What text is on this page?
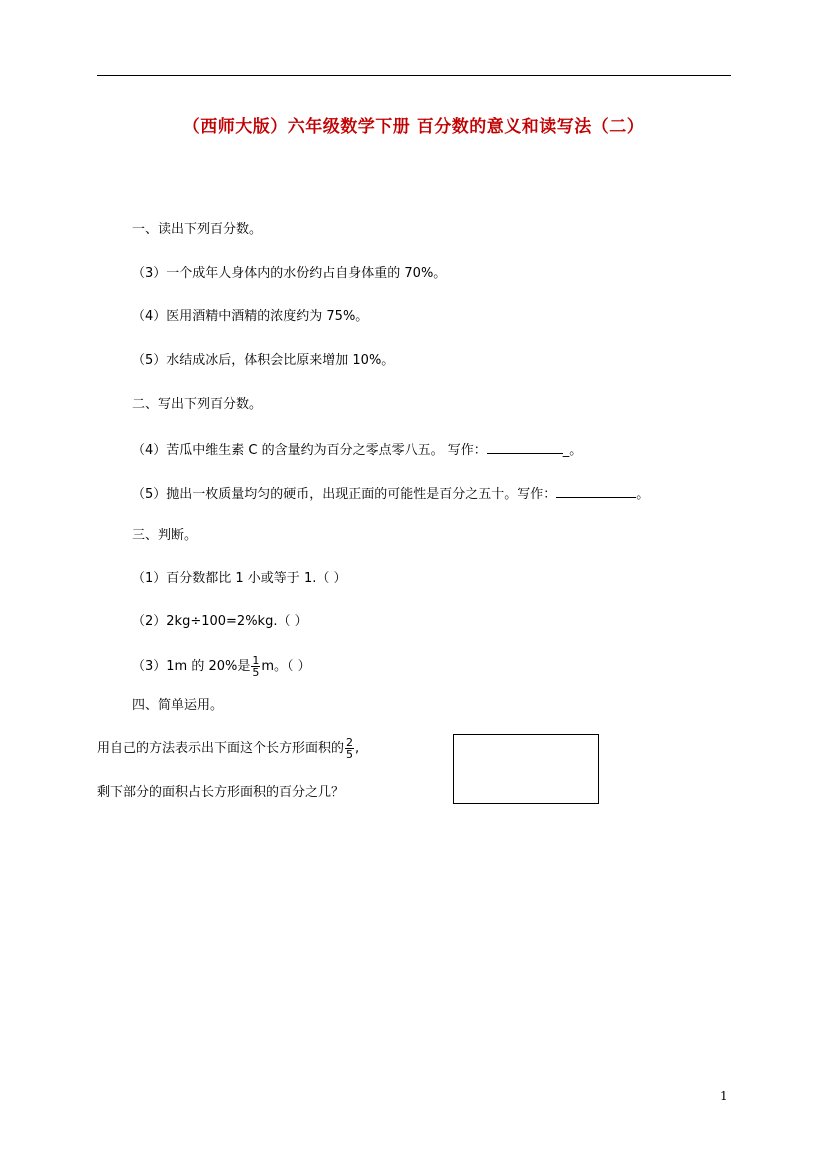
（西师大版）六年级数学下册 百分数的意义和读写法（二）
一、读出下列百分数。
（3）一个成年人身体内的水份约占自身体重的 70%。
（4）医用酒精中酒精的浓度约为 75%。
（5）水结成冰后，体积会比原来增加 10%。
二、写出下列百分数。
（4）苦瓜中维生素 C 的含量约为百分之零点零八五。 写作：	_。
（5）抛出一枚质量均匀的硬币，出现正面的可能性是百分之五十。写作：	。
三、判断。
（1）百分数都比 1 小或等于 1.（ ）
（2）2kg÷100=2%kg.（ ）
（3）1m 的 20%是 $\frac{1}{5}$ m。（ ）
四、简单运用。
用自己的方法表示出下面这个长方形面积的 $\frac{2}{5}$ ,
剩下部分的面积占长方形面积的百分之几？
1
